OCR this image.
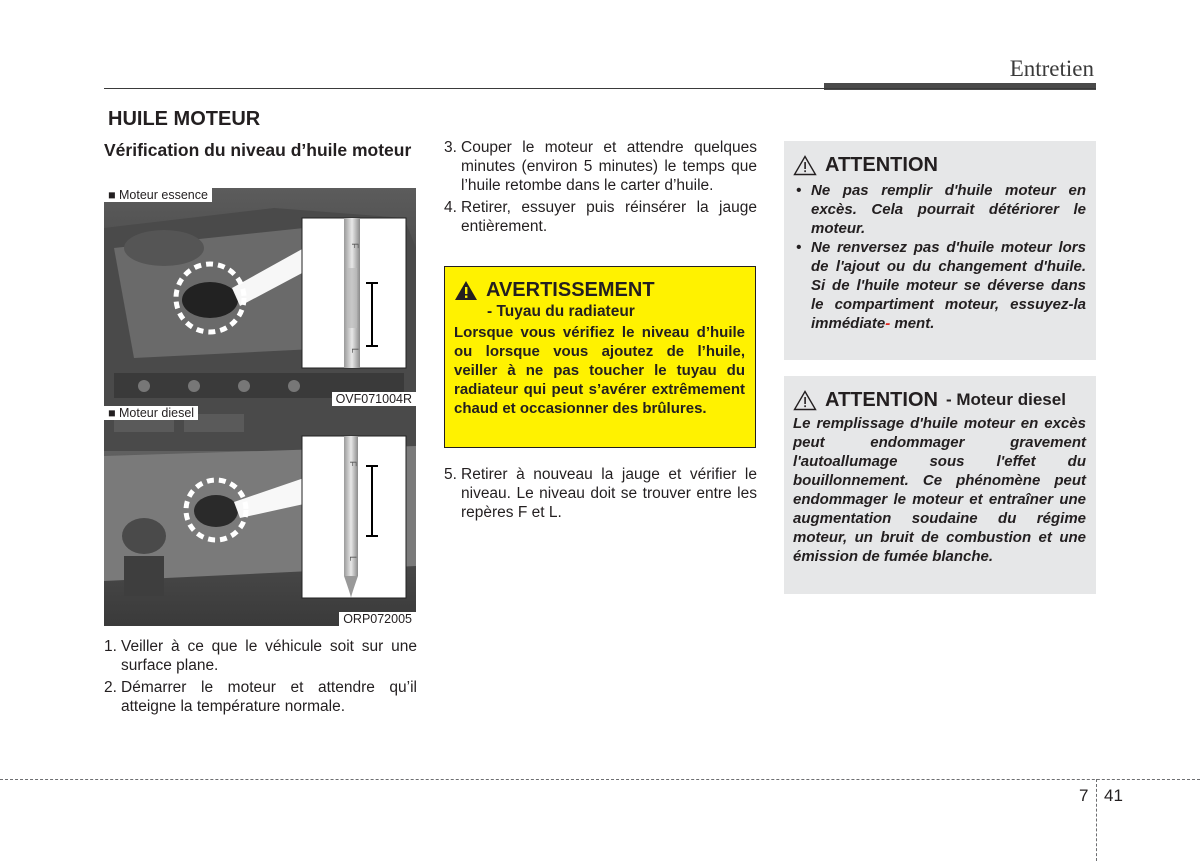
Entretien
HUILE MOTEUR
Vérification du niveau d’huile moteur
F
L
■ Moteur essence
OVF071004R
F
L
■ Moteur diesel
ORP072005
1. Veiller à ce que le véhicule soit sur une surface plane.
2. Démarrer le moteur et attendre qu’il atteigne la température normale.
3. Couper le moteur et attendre quelques minutes (environ 5 minutes) le temps que l’huile retombe dans le carter d’huile.
4. Retirer, essuyer puis réinsérer la jauge entièrement.
AVERTISSEMENT
- Tuyau du radiateur
Lorsque vous vérifiez le niveau d’huile ou lorsque vous ajoutez de l’huile, veiller à ne pas toucher le tuyau du radiateur qui peut s’avérer extrêmement chaud et occasionner des brûlures.
5. Retirer à nouveau la jauge et vérifier le niveau. Le niveau doit se trouver entre les repères F et L.
ATTENTION
• Ne pas remplir d'huile moteur en excès. Cela pourrait détériorer le moteur.
• Ne renversez pas d'huile moteur lors de l'ajout ou du changement d'huile. Si de l'huile moteur se déverse dans le compartiment moteur, essuyez-la immédiate- ment.
ATTENTION - Moteur diesel
Le remplissage d'huile moteur en excès peut endommager gravement l'autoallumage sous l'effet du bouillonnement. Ce phénomène peut endommager le moteur et entraîner une augmentation soudaine du régime moteur, un bruit de combustion et une émission de fumée blanche.
7 41
